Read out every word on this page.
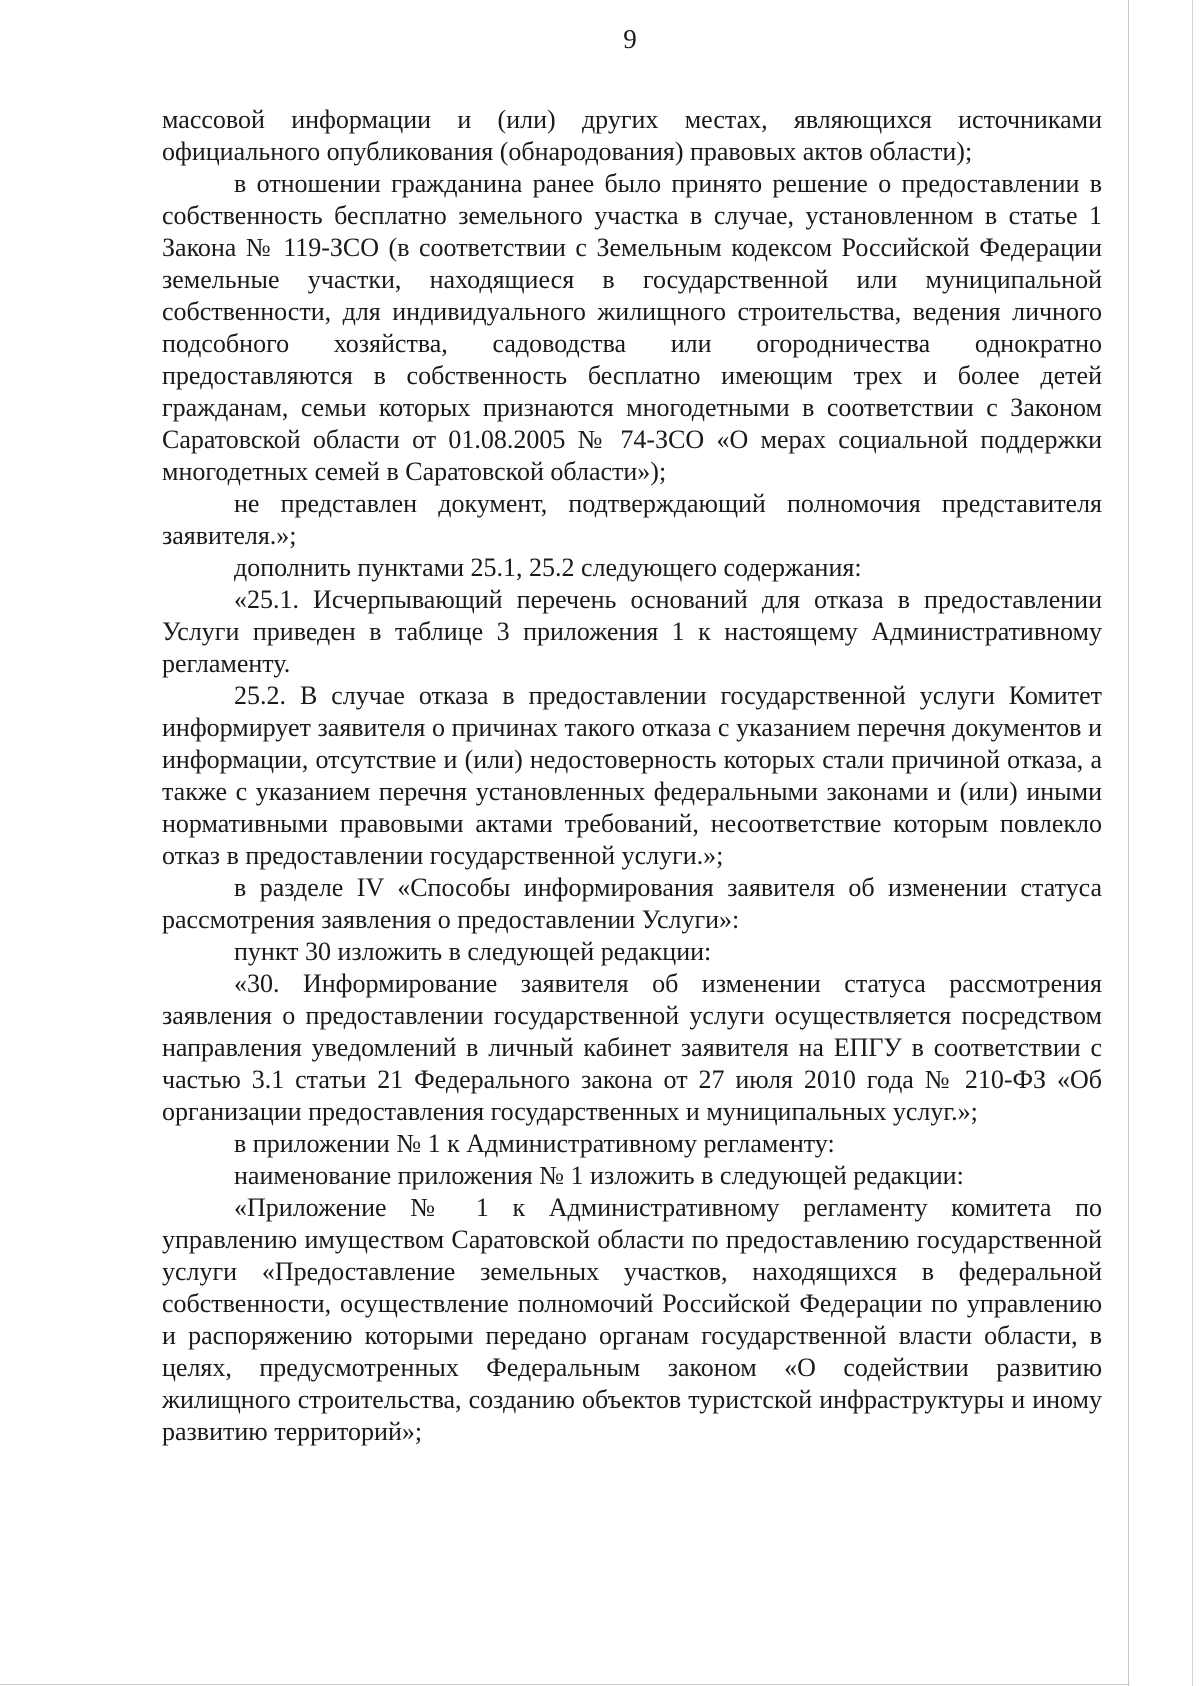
9

массовой информации и (или) других местах, являющихся источниками официального опубликования (обнародования) правовых актов области);

в отношении гражданина ранее было принято решение о предоставлении в собственность бесплатно земельного участка в случае, установленном в статье 1 Закона № 119-ЗСО (в соответствии с Земельным кодексом Российской Федерации земельные участки, находящиеся в государственной или муниципальной собственности, для индивидуального жилищного строительства, ведения личного подсобного хозяйства, садоводства или огородничества однократно предоставляются в собственность бесплатно имеющим трех и более детей гражданам, семьи которых признаются многодетными в соответствии с Законом Саратовской области от 01.08.2005 № 74-ЗСО «О мерах социальной поддержки многодетных семей в Саратовской области»);

не представлен документ, подтверждающий полномочия представителя заявителя.»;

дополнить пунктами 25.1, 25.2 следующего содержания:

«25.1. Исчерпывающий перечень оснований для отказа в предоставлении Услуги приведен в таблице 3 приложения 1 к настоящему Административному регламенту.

25.2. В случае отказа в предоставлении государственной услуги Комитет информирует заявителя о причинах такого отказа с указанием перечня документов и информации, отсутствие и (или) недостоверность которых стали причиной отказа, а также с указанием перечня установленных федеральными законами и (или) иными нормативными правовыми актами требований, несоответствие которым повлекло отказ в предоставлении государственной услуги.»;

в разделе IV «Способы информирования заявителя об изменении статуса рассмотрения заявления о предоставлении Услуги»:

пункт 30 изложить в следующей редакции:

«30. Информирование заявителя об изменении статуса рассмотрения заявления о предоставлении государственной услуги осуществляется посредством направления уведомлений в личный кабинет заявителя на ЕПГУ в соответствии с частью 3.1 статьи 21 Федерального закона от 27 июля 2010 года № 210-ФЗ «Об организации предоставления государственных и муниципальных услуг.»;

в приложении № 1 к Административному регламенту:

наименование приложения № 1 изложить в следующей редакции:

«Приложение № 1 к Административному регламенту комитета по управлению имуществом Саратовской области по предоставлению государственной услуги «Предоставление земельных участков, находящихся в федеральной собственности, осуществление полномочий Российской Федерации по управлению и распоряжению которыми передано органам государственной власти области, в целях, предусмотренных Федеральным законом «О содействии развитию жилищного строительства, созданию объектов туристской инфраструктуры и иному развитию территорий»;
